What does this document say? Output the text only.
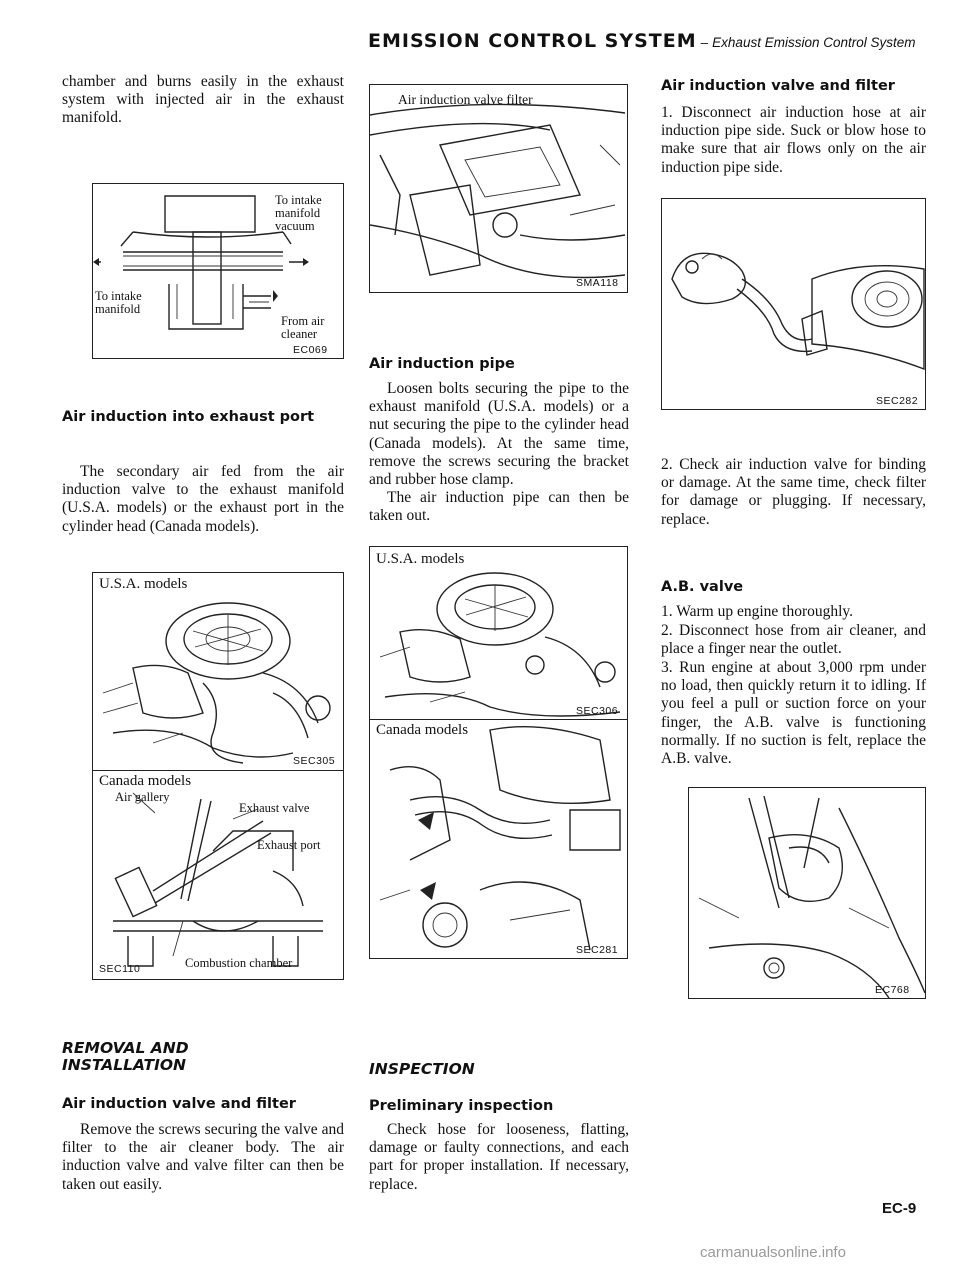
EMISSION CONTROL SYSTEM – Exhaust Emission Control System

chamber and burns easily in the exhaust system with injected air in the exhaust manifold.

To intake manifold vacuum
To intake manifold
From air cleaner
EC069

Air induction into exhaust port

The secondary air fed from the air induction valve to the exhaust manifold (U.S.A. models) or the exhaust port in the cylinder head (Canada models).

U.S.A. models
SEC305
Canada models
Air gallery
Exhaust valve
Exhaust port
Combustion chamber
SEC110

REMOVAL AND INSTALLATION

Air induction valve and filter

Remove the screws securing the valve and filter to the air cleaner body. The air induction valve and valve filter can then be taken out easily.

Air induction valve filter
SMA118

Air induction pipe

Loosen bolts securing the pipe to the exhaust manifold (U.S.A. models) or a nut securing the pipe to the cylinder head (Canada models). At the same time, remove the screws securing the bracket and rubber hose clamp.

The air induction pipe can then be taken out.

U.S.A. models
SEC306
Canada models
SEC281

INSPECTION

Preliminary inspection

Check hose for looseness, flatting, damage or faulty connections, and each part for proper installation. If necessary, replace.

Air induction valve and filter

1. Disconnect air induction hose at air induction pipe side. Suck or blow hose to make sure that air flows only on the air induction pipe side.

SEC282

2. Check air induction valve for binding or damage. At the same time, check filter for damage or plugging. If necessary, replace.

A.B. valve

1. Warm up engine thoroughly.

2. Disconnect hose from air cleaner, and place a finger near the outlet.

3. Run engine at about 3,000 rpm under no load, then quickly return it to idling. If you feel a pull or suction force on your finger, the A.B. valve is functioning normally. If no suction is felt, replace the A.B. valve.

EC768
EC-9
carmanualsonline.info
